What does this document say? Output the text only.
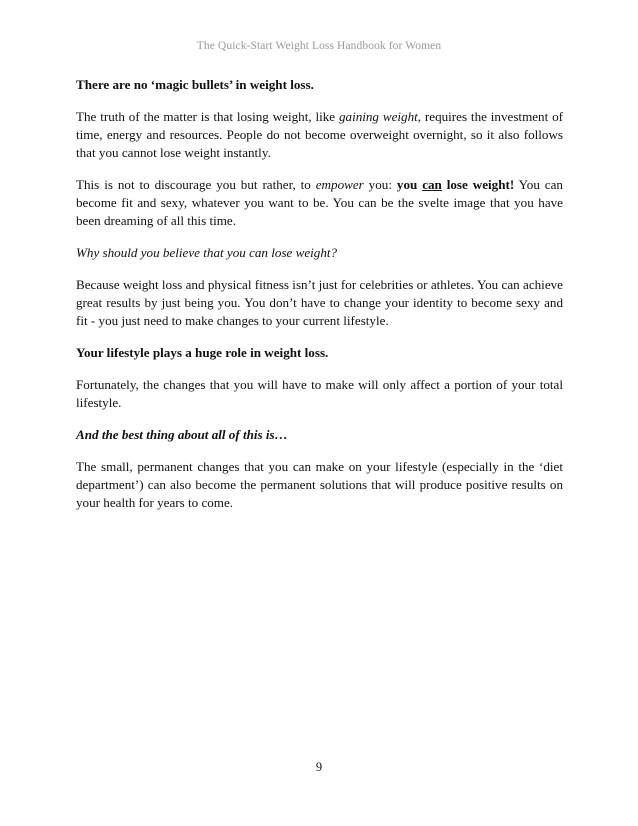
The Quick-Start Weight Loss Handbook for Women

There are no ‘magic bullets’ in weight loss.

The truth of the matter is that losing weight, like gaining weight, requires the investment of time, energy and resources. People do not become overweight overnight, so it also follows that you cannot lose weight instantly.

This is not to discourage you but rather, to empower you: you can lose weight! You can become fit and sexy, whatever you want to be. You can be the svelte image that you have been dreaming of all this time.

Why should you believe that you can lose weight?

Because weight loss and physical fitness isn’t just for celebrities or athletes. You can achieve great results by just being you. You don’t have to change your identity to become sexy and fit - you just need to make changes to your current lifestyle.

Your lifestyle plays a huge role in weight loss.

Fortunately, the changes that you will have to make will only affect a portion of your total lifestyle.

And the best thing about all of this is…

The small, permanent changes that you can make on your lifestyle (especially in the ‘diet department’) can also become the permanent solutions that will produce positive results on your health for years to come.

9
